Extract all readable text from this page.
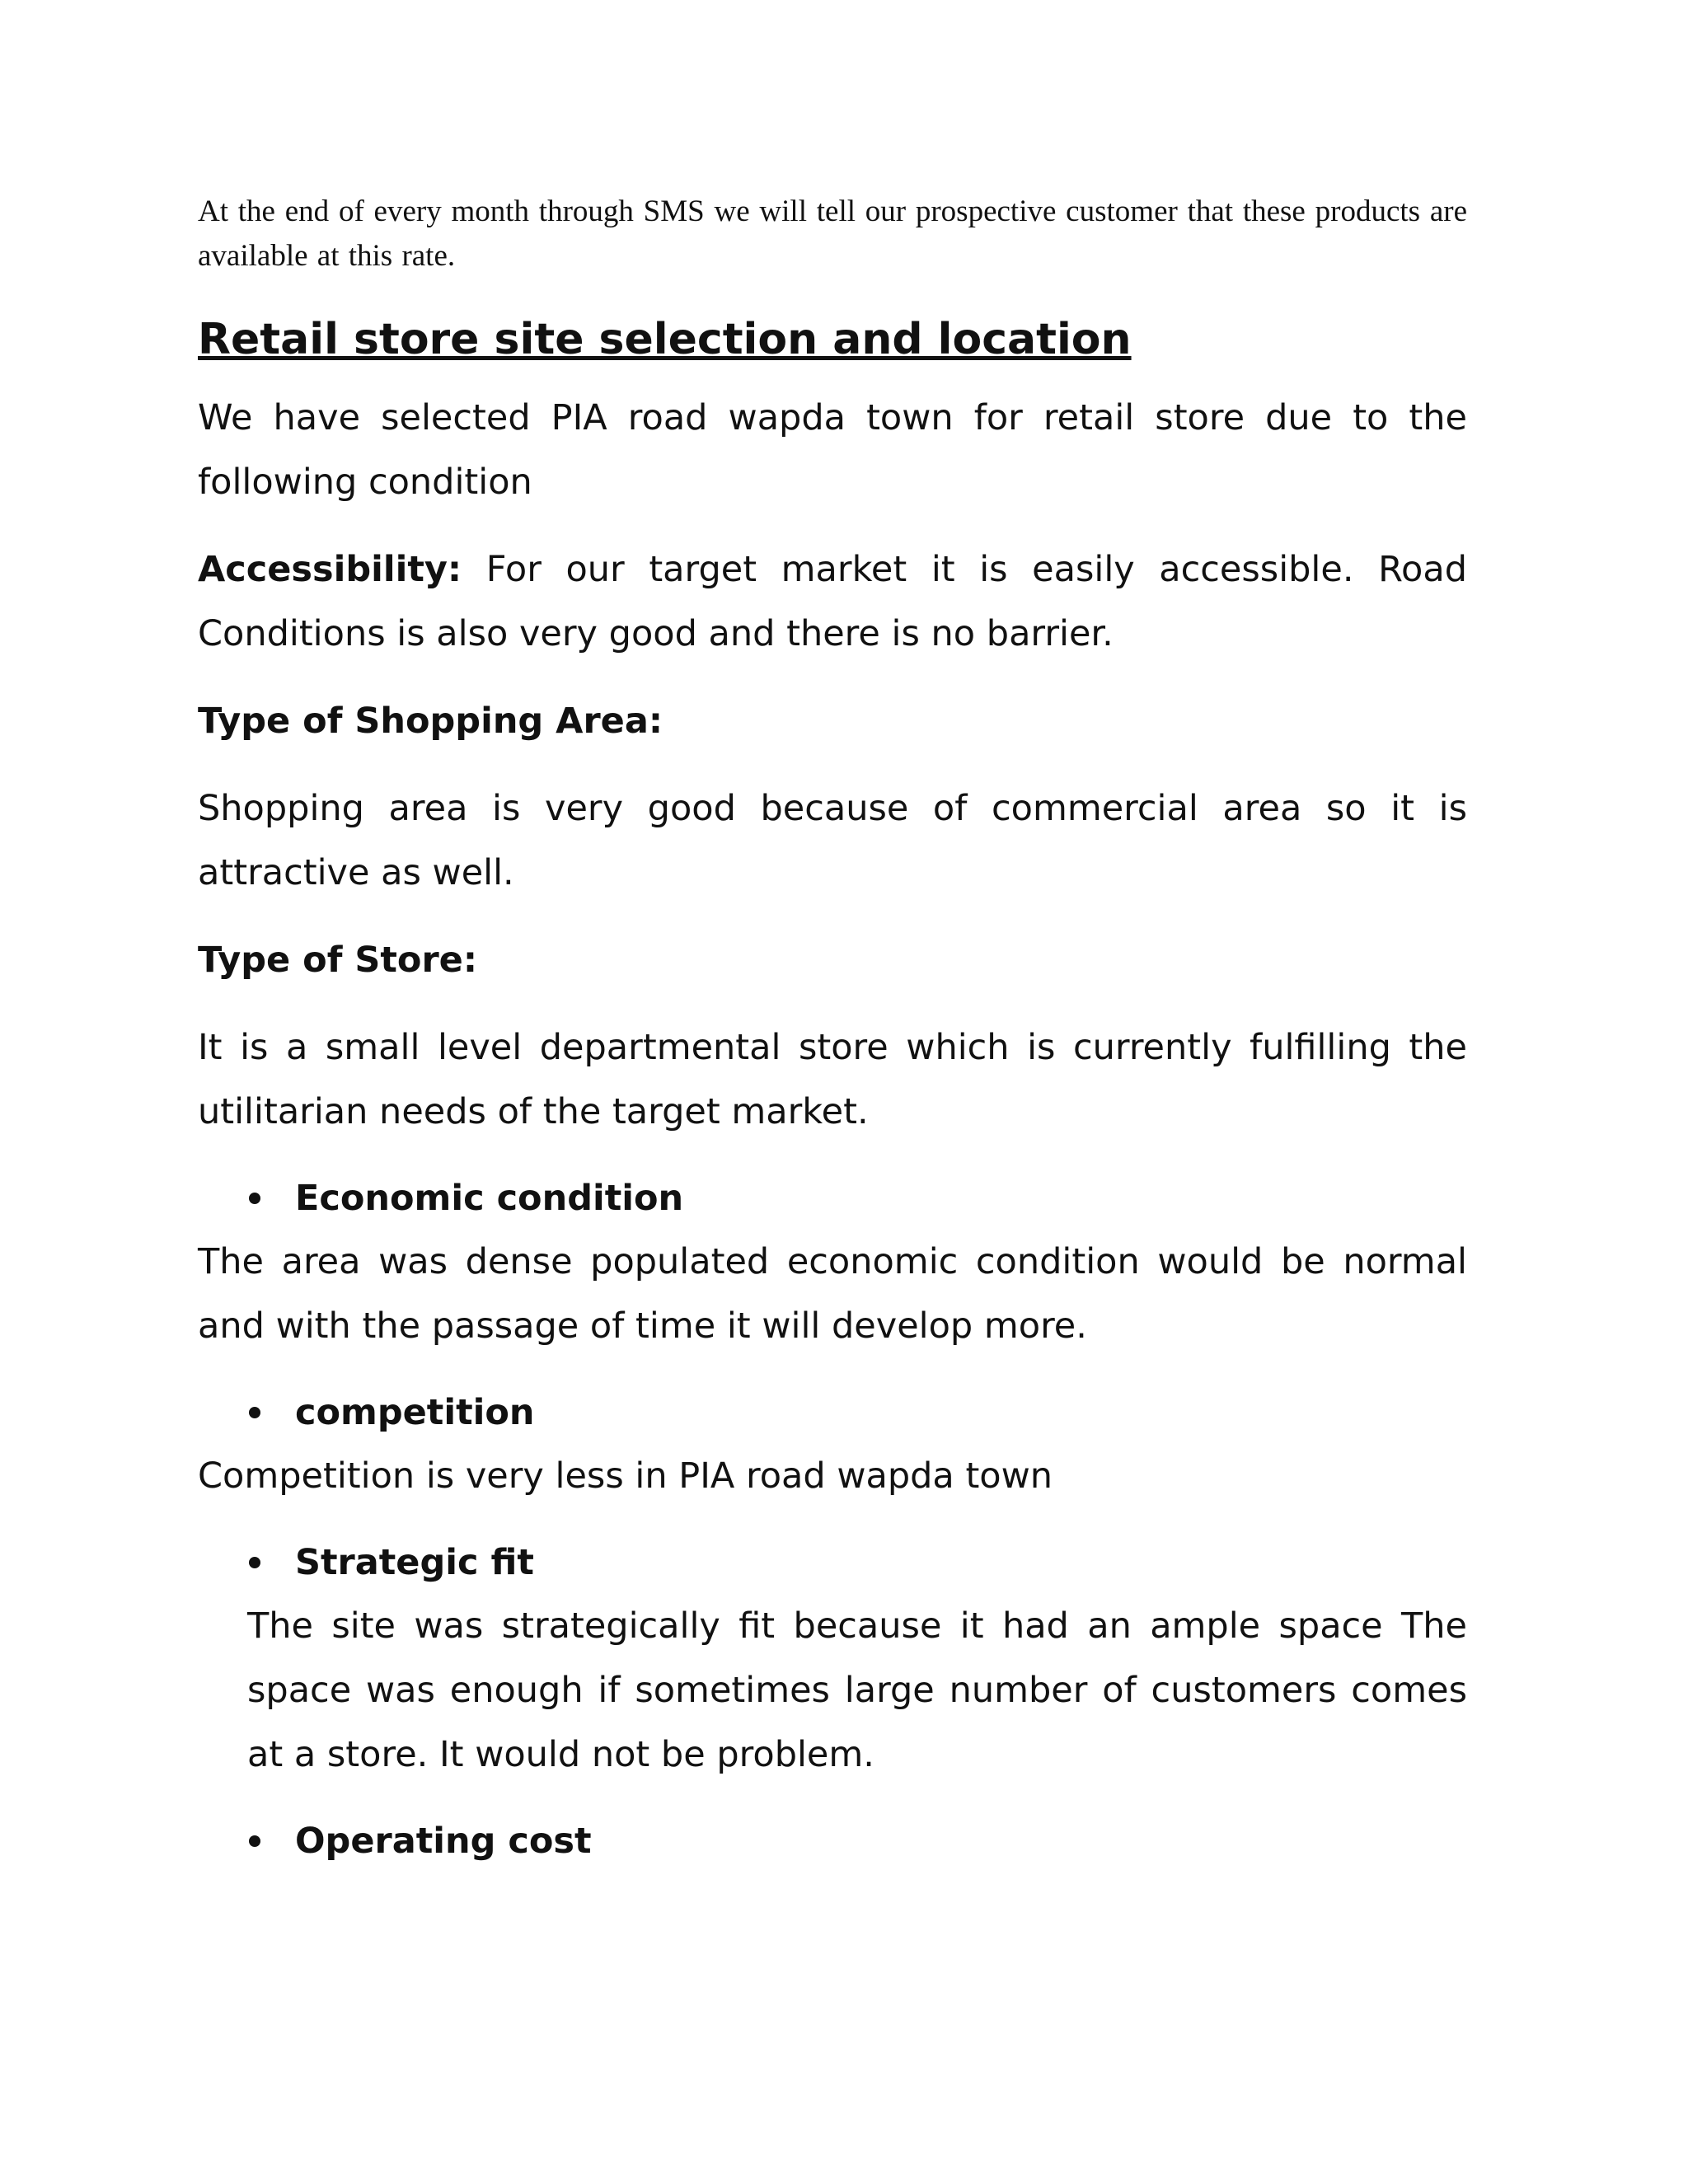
At the end of every month through SMS we will tell our prospective customer that these products are available at this rate.

Retail store site selection and location

We have selected PIA road wapda town for retail store due to the following condition

Accessibility: For our target market it is easily accessible. Road Conditions is also very good and there is no barrier.

Type of Shopping Area:

Shopping area is very good because of commercial area so it is attractive as well.

Type of Store:

It is a small level departmental store which is currently fulfilling the utilitarian needs of the target market.

Economic condition

The area was dense populated economic condition would be normal and with the passage of time it will develop more.

competition

Competition is very less in PIA road wapda town

Strategic fit

The site was strategically fit because it had an ample space The space was enough if sometimes large number of customers comes at a store. It would not be problem.

Operating cost
